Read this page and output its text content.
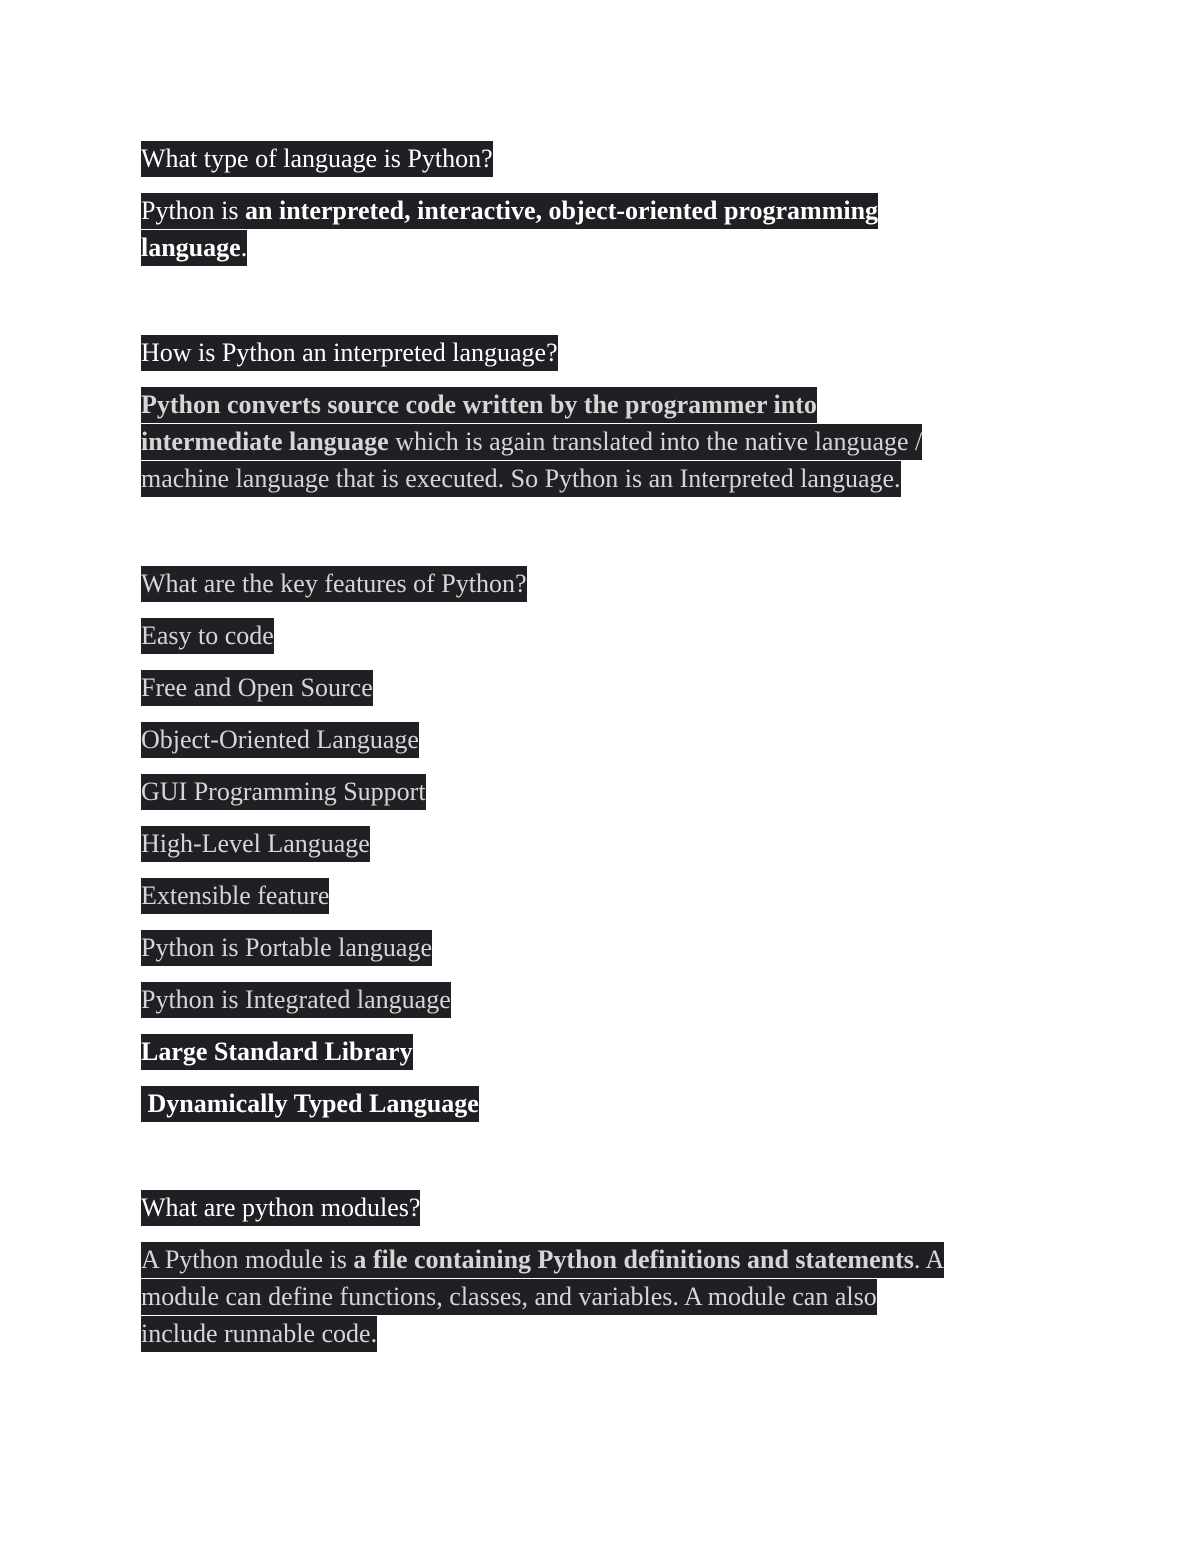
What type of language is Python?

Python is an interpreted, interactive, object-oriented programming

language.

How is Python an interpreted language?

Python converts source code written by the programmer into

intermediate language which is again translated into the native language /

machine language that is executed. So Python is an Interpreted language.

What are the key features of Python?

Easy to code

Free and Open Source

Object-Oriented Language

GUI Programming Support

High-Level Language

Extensible feature

Python is Portable language

Python is Integrated language

Large Standard Library

Dynamically Typed Language

What are python modules?

A Python module is a file containing Python definitions and statements. A

module can define functions, classes, and variables. A module can also

include runnable code.
